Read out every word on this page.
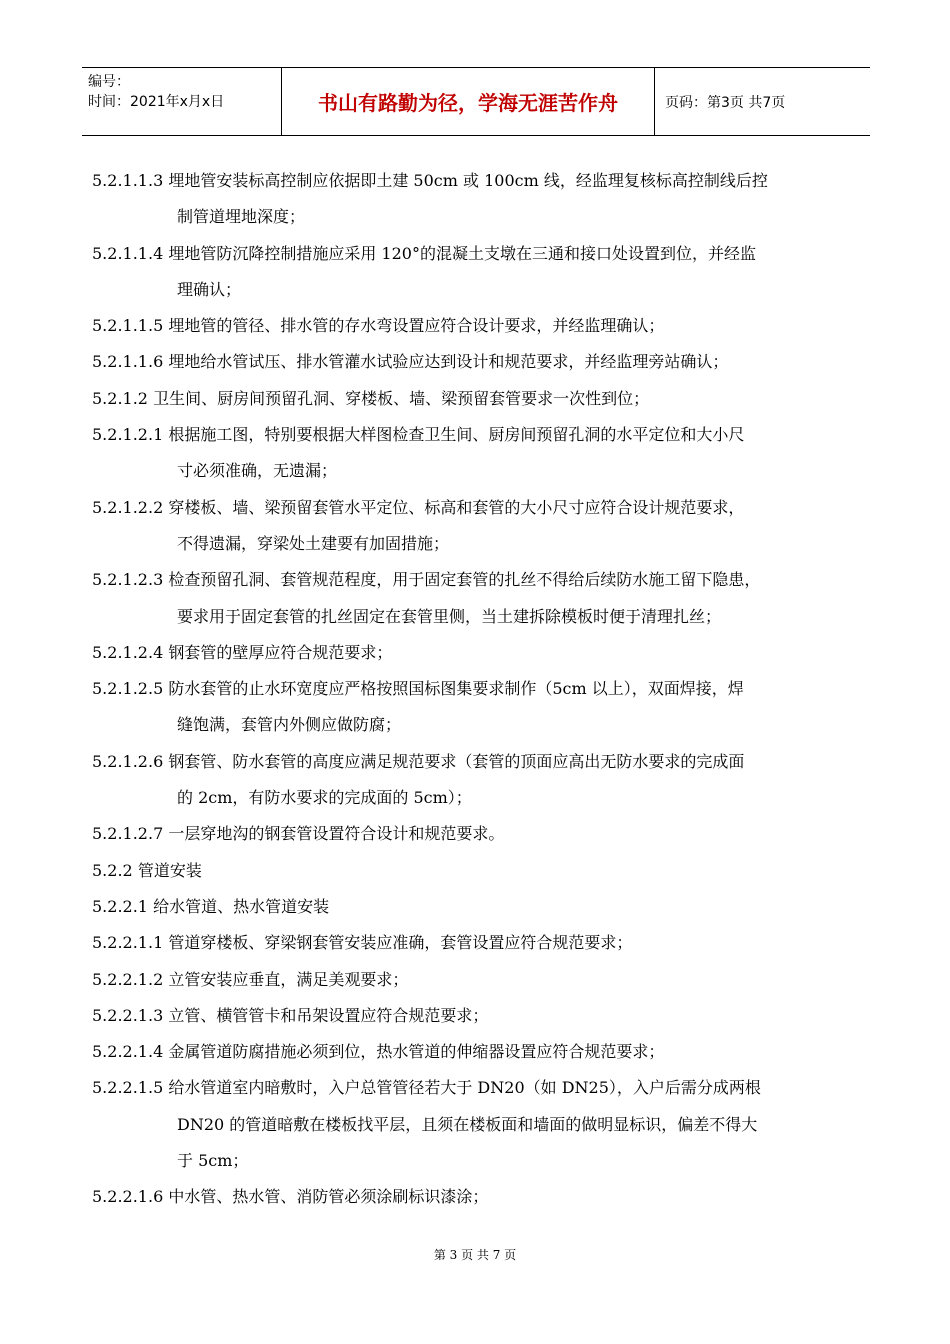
编号：
时间：2021年x月x日	书山有路勤为径，学海无涯苦作舟	页码：第3页 共7页
5.2.1.1.3 埋地管安装标高控制应依据即土建 50cm 或 100cm 线，经监理复核标高控制线后控
制管道埋地深度；
5.2.1.1.4 埋地管防沉降控制措施应采用 120°的混凝土支墩在三通和接口处设置到位，并经监
理确认；
5.2.1.1.5 埋地管的管径、排水管的存水弯设置应符合设计要求，并经监理确认；
5.2.1.1.6 埋地给水管试压、排水管灌水试验应达到设计和规范要求，并经监理旁站确认；
5.2.1.2 卫生间、厨房间预留孔洞、穿楼板、墙、梁预留套管要求一次性到位；
5.2.1.2.1 根据施工图，特别要根据大样图检查卫生间、厨房间预留孔洞的水平定位和大小尺
寸必须准确，无遗漏；
5.2.1.2.2 穿楼板、墙、梁预留套管水平定位、标高和套管的大小尺寸应符合设计规范要求，
不得遗漏，穿梁处土建要有加固措施；
5.2.1.2.3 检查预留孔洞、套管规范程度，用于固定套管的扎丝不得给后续防水施工留下隐患，
要求用于固定套管的扎丝固定在套管里侧，当土建拆除模板时便于清理扎丝；
5.2.1.2.4 钢套管的壁厚应符合规范要求；
5.2.1.2.5 防水套管的止水环宽度应严格按照国标图集要求制作（5cm 以上），双面焊接，焊
缝饱满，套管内外侧应做防腐；
5.2.1.2.6 钢套管、防水套管的高度应满足规范要求（套管的顶面应高出无防水要求的完成面
的 2cm，有防水要求的完成面的 5cm）；
5.2.1.2.7 一层穿地沟的钢套管设置符合设计和规范要求。
5.2.2 管道安装
5.2.2.1 给水管道、热水管道安装
5.2.2.1.1 管道穿楼板、穿梁钢套管安装应准确，套管设置应符合规范要求；
5.2.2.1.2 立管安装应垂直，满足美观要求；
5.2.2.1.3 立管、横管管卡和吊架设置应符合规范要求；
5.2.2.1.4 金属管道防腐措施必须到位，热水管道的伸缩器设置应符合规范要求；
5.2.2.1.5 给水管道室内暗敷时，入户总管管径若大于 DN20（如 DN25），入户后需分成两根
DN20 的管道暗敷在楼板找平层，且须在楼板面和墙面的做明显标识，偏差不得大
于 5cm；
5.2.2.1.6 中水管、热水管、消防管必须涂刷标识漆涂；
第 3 页 共 7 页
